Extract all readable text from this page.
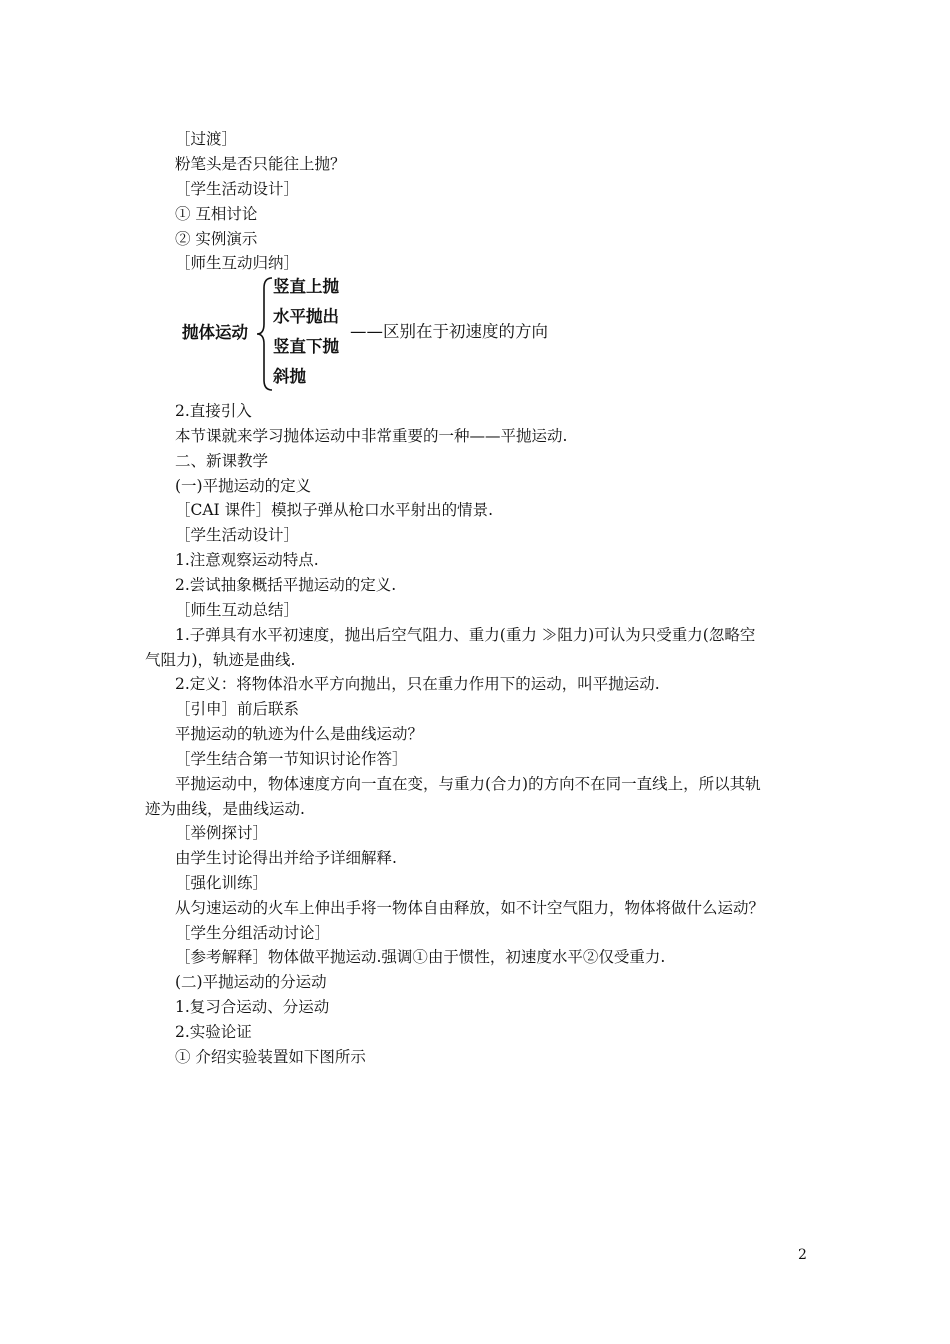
［过渡］
粉笔头是否只能往上抛？
［学生活动设计］
① 互相讨论
② 实例演示
［师生互动归纳］
抛体运动
竖直上抛
水平抛出
竖直下抛
斜抛
——区别在于初速度的方向
2.直接引入
本节课就来学习抛体运动中非常重要的一种——平抛运动.
二、新课教学
(一)平抛运动的定义
［CAI 课件］模拟子弹从枪口水平射出的情景.
［学生活动设计］
1.注意观察运动特点.
2.尝试抽象概括平抛运动的定义.
［师生互动总结］
1.子弹具有水平初速度，抛出后空气阻力、重力(重力 ≫阻力)可认为只受重力(忽略空
气阻力)，轨迹是曲线.
2.定义：将物体沿水平方向抛出，只在重力作用下的运动，叫平抛运动.
［引申］前后联系
平抛运动的轨迹为什么是曲线运动？
［学生结合第一节知识讨论作答］
平抛运动中，物体速度方向一直在变，与重力(合力)的方向不在同一直线上，所以其轨
迹为曲线，是曲线运动.
［举例探讨］
由学生讨论得出并给予详细解释.
［强化训练］
从匀速运动的火车上伸出手将一物体自由释放，如不计空气阻力，物体将做什么运动？
［学生分组活动讨论］
［参考解释］物体做平抛运动.强调①由于惯性，初速度水平②仅受重力.
(二)平抛运动的分运动
1.复习合运动、分运动
2.实验论证
① 介绍实验装置如下图所示
2
